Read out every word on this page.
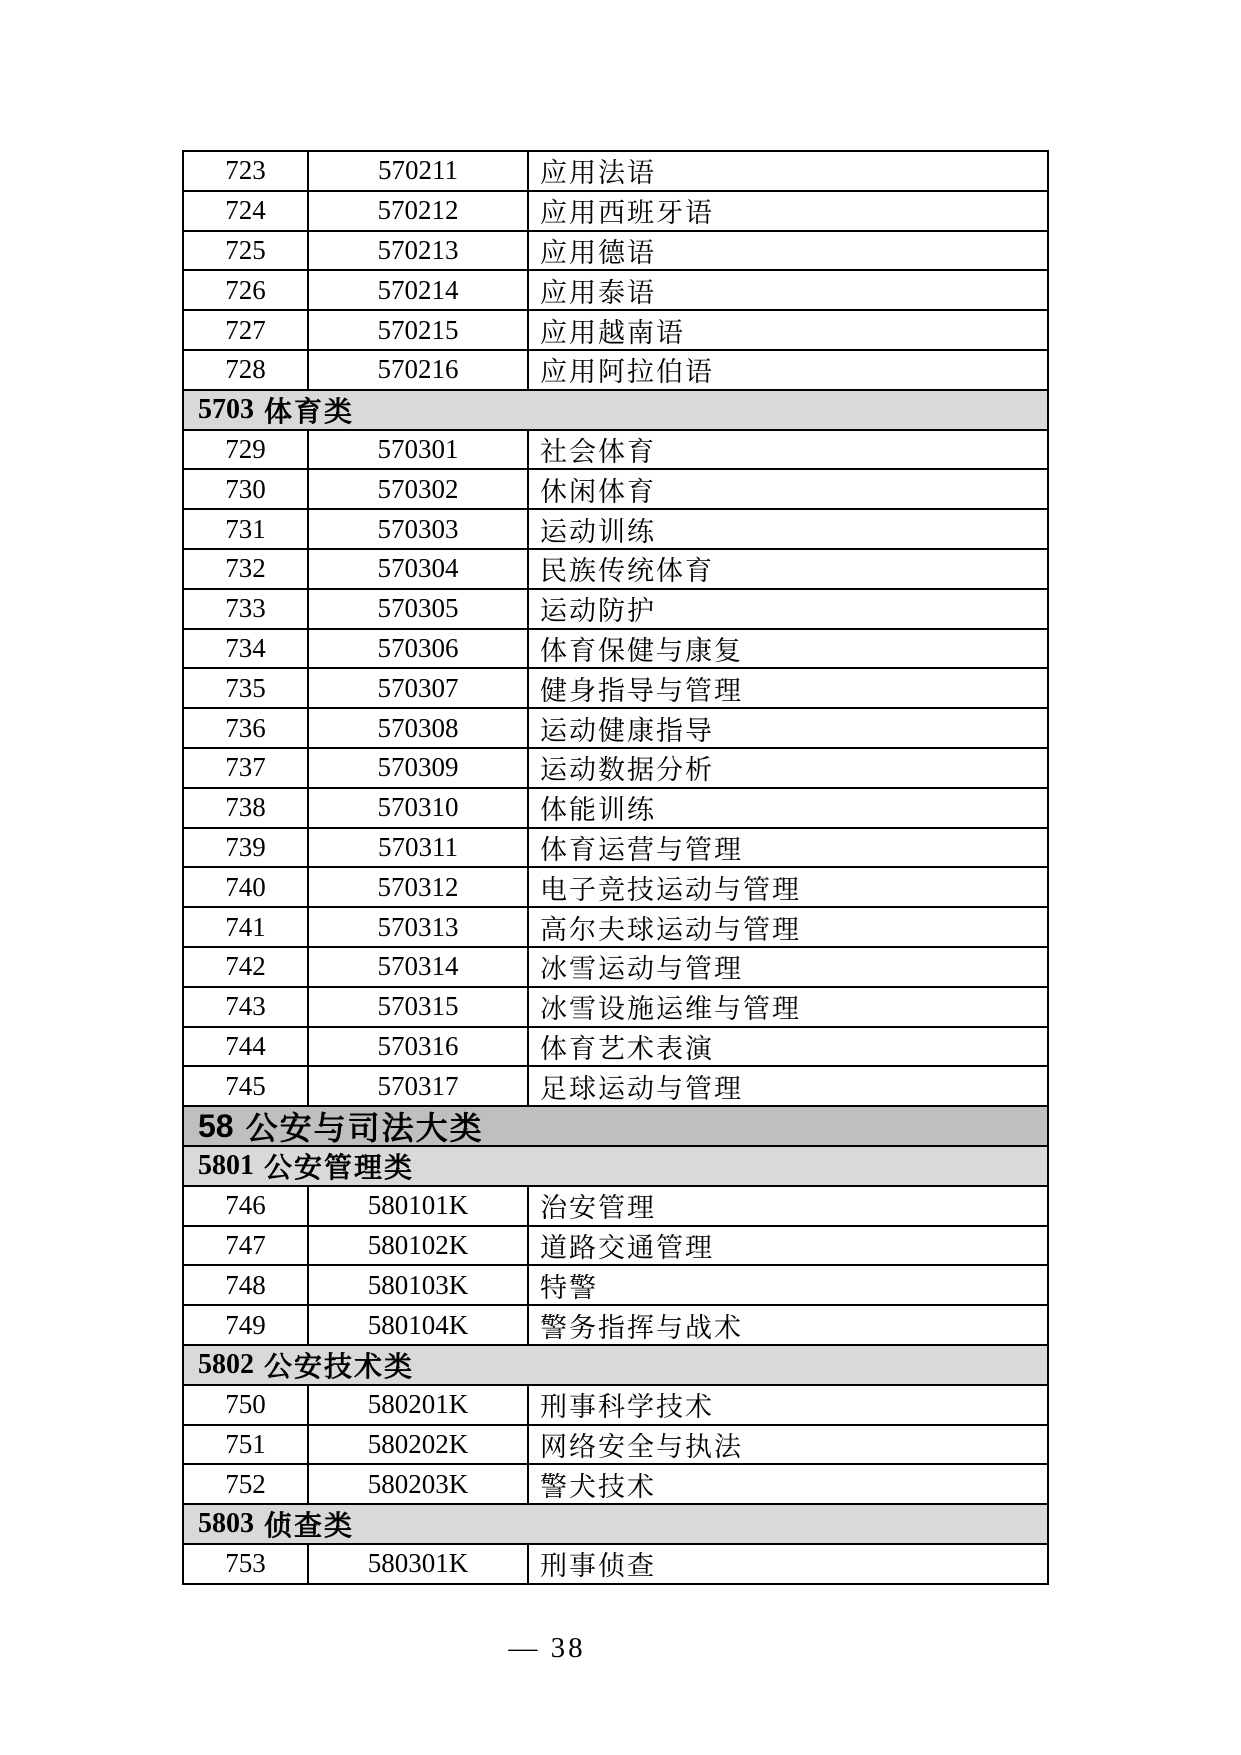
723	570211	应用法语
724	570212	应用西班牙语
725	570213	应用德语
726	570214	应用泰语
727	570215	应用越南语
728	570216	应用阿拉伯语
5703 体育类
729	570301	社会体育
730	570302	休闲体育
731	570303	运动训练
732	570304	民族传统体育
733	570305	运动防护
734	570306	体育保健与康复
735	570307	健身指导与管理
736	570308	运动健康指导
737	570309	运动数据分析
738	570310	体能训练
739	570311	体育运营与管理
740	570312	电子竞技运动与管理
741	570313	高尔夫球运动与管理
742	570314	冰雪运动与管理
743	570315	冰雪设施运维与管理
744	570316	体育艺术表演
745	570317	足球运动与管理
58 公安与司法大类
5801 公安管理类
746	580101K	治安管理
747	580102K	道路交通管理
748	580103K	特警
749	580104K	警务指挥与战术
5802 公安技术类
750	580201K	刑事科学技术
751	580202K	网络安全与执法
752	580203K	警犬技术
5803 侦查类
753	580301K	刑事侦查
— 38
